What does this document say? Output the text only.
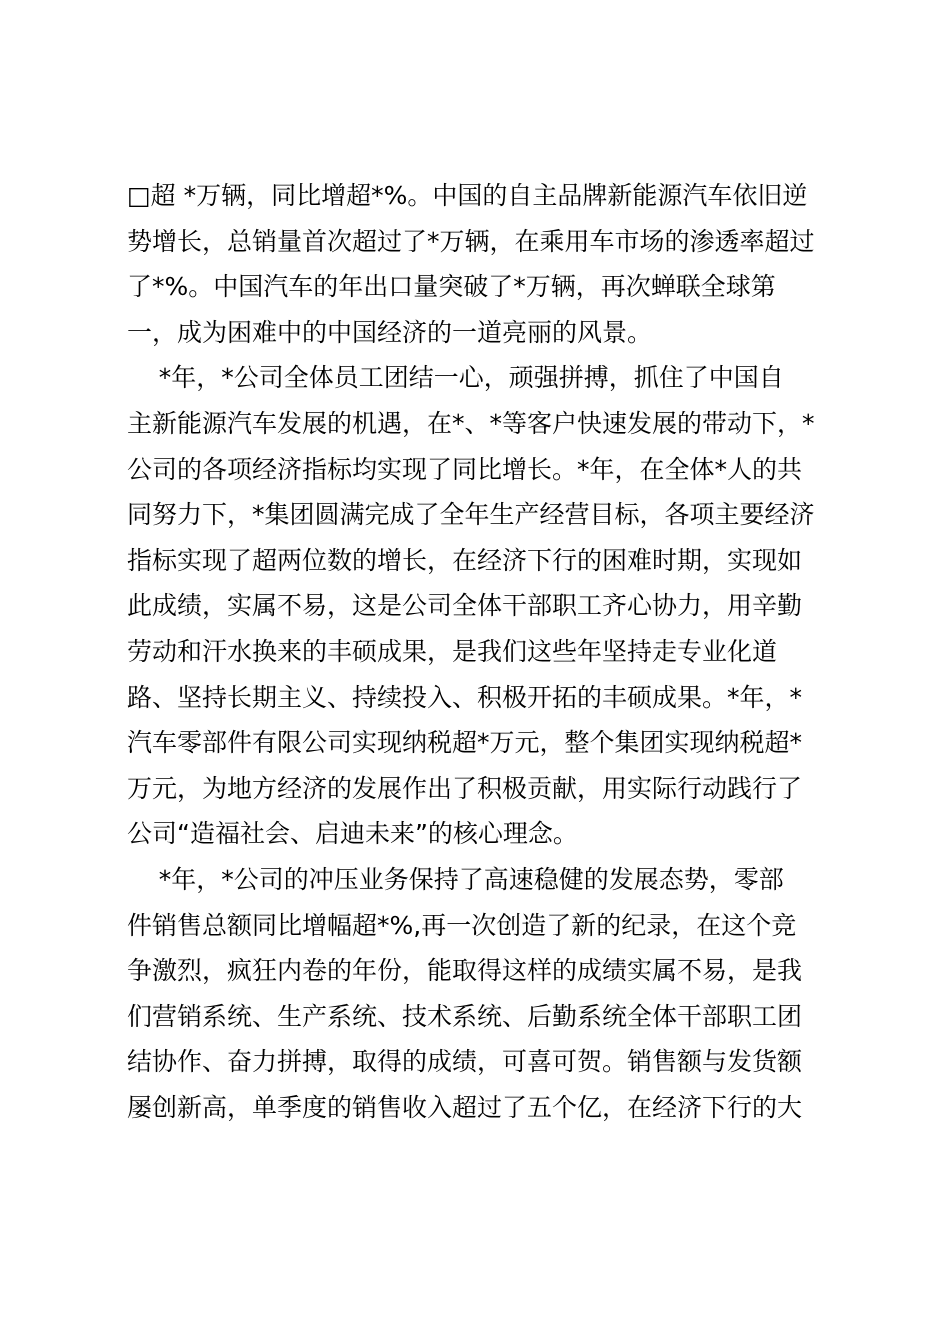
□超 *万辆，同比增超*%。中国的自主品牌新能源汽车依旧逆
势增长，总销量首次超过了*万辆，在乘用车市场的渗透率超过
了*%。中国汽车的年出口量突破了*万辆，再次蝉联全球第
一，成为困难中的中国经济的一道亮丽的风景。
*年，*公司全体员工团结一心，顽强拼搏，抓住了中国自
主新能源汽车发展的机遇，在*、*等客户快速发展的带动下，*
公司的各项经济指标均实现了同比增长。*年，在全体*人的共
同努力下，*集团圆满完成了全年生产经营目标，各项主要经济
指标实现了超两位数的增长，在经济下行的困难时期，实现如
此成绩，实属不易，这是公司全体干部职工齐心协力，用辛勤
劳动和汗水换来的丰硕成果，是我们这些年坚持走专业化道
路、坚持长期主义、持续投入、积极开拓的丰硕成果。*年，*
汽车零部件有限公司实现纳税超*万元，整个集团实现纳税超*
万元，为地方经济的发展作出了积极贡献，用实际行动践行了
公司“造福社会、启迪未来”的核心理念。
*年，*公司的冲压业务保持了高速稳健的发展态势，零部
件销售总额同比增幅超*%,再一次创造了新的纪录，在这个竞
争激烈，疯狂内卷的年份，能取得这样的成绩实属不易，是我
们营销系统、生产系统、技术系统、后勤系统全体干部职工团
结协作、奋力拼搏，取得的成绩，可喜可贺。销售额与发货额
屡创新高，单季度的销售收入超过了五个亿，在经济下行的大
